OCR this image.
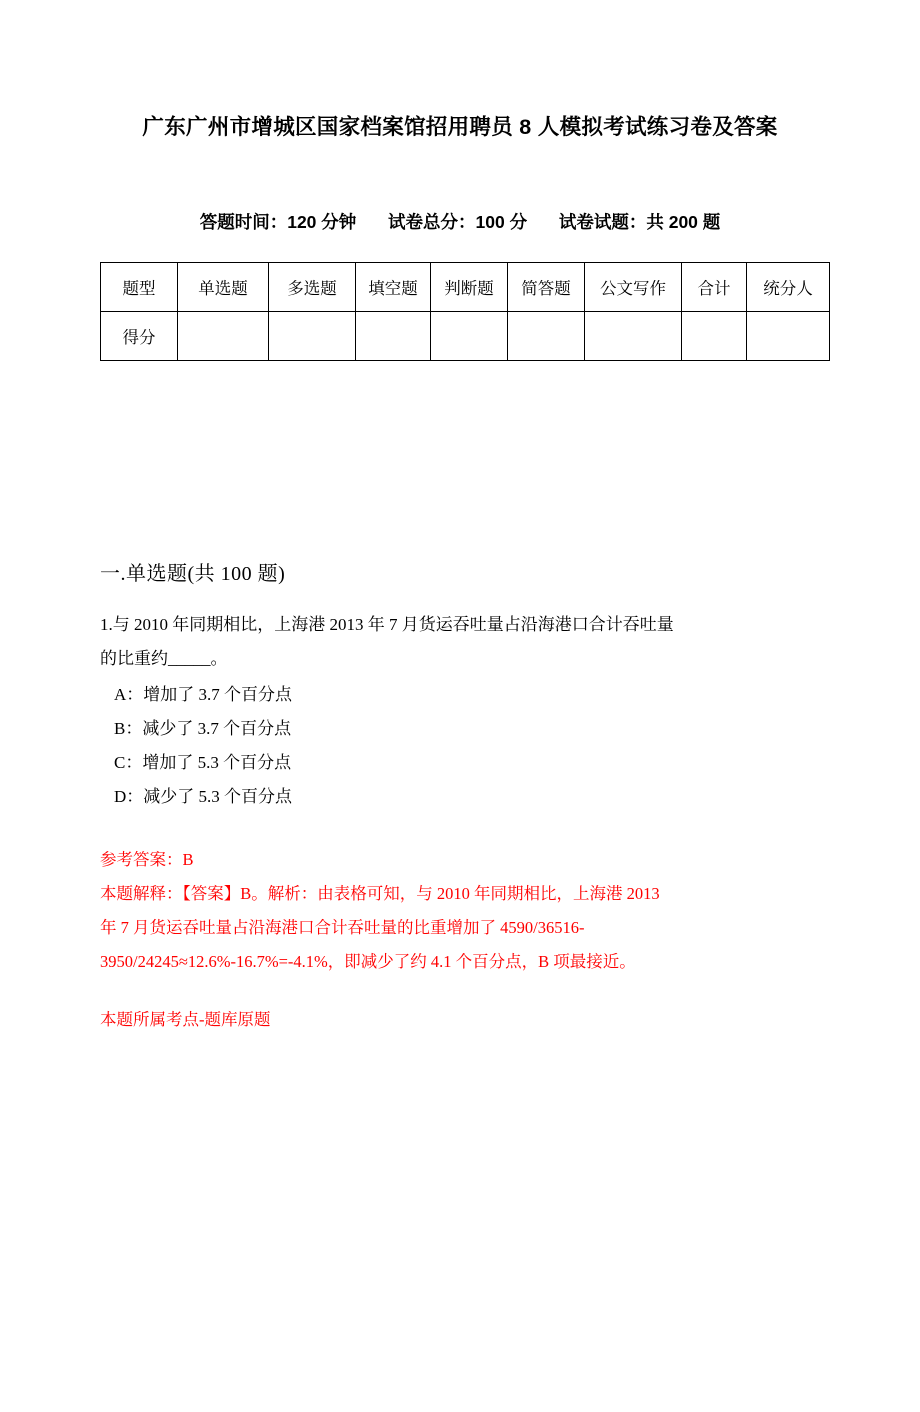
广东广州市增城区国家档案馆招用聘员 8 人模拟考试练习卷及答案
答题时间：120 分钟 试卷总分：100 分 试卷试题：共 200 题
题型	单选题	多选题	填空题	判断题	简答题	公文写作	合计	统分人
得分								
一.单选题(共 100 题)
1.与 2010 年同期相比，上海港 2013 年 7 月货运吞吐量占沿海港口合计吞吐量
的比重约_____。
A：增加了 3.7 个百分点
B：减少了 3.7 个百分点
C：增加了 5.3 个百分点
D：减少了 5.3 个百分点
参考答案：B
本题解释：【答案】B。解析：由表格可知，与 2010 年同期相比，上海港 2013
年 7 月货运吞吐量占沿海港口合计吞吐量的比重增加了 4590/36516-
3950/24245≈12.6%-16.7%=-4.1%，即减少了约 4.1 个百分点，B 项最接近。
本题所属考点-题库原题
